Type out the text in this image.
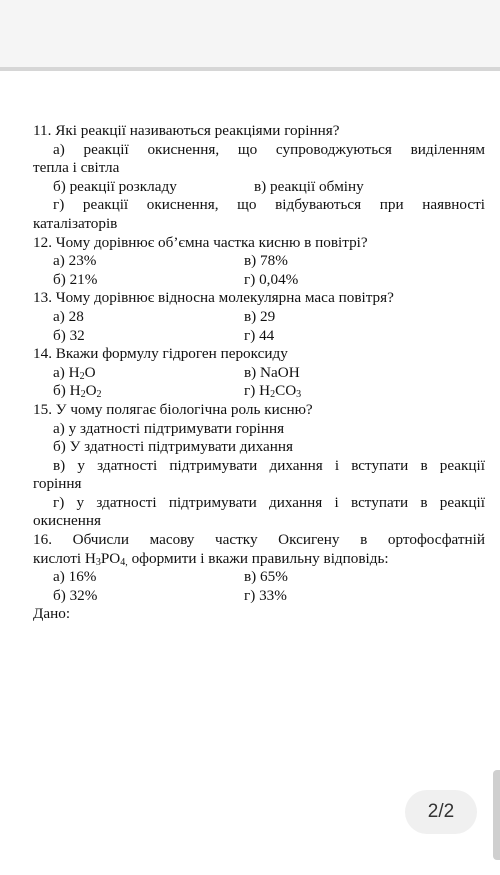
11. Які реакції називаються реакціями горіння?
а) реакції окиснення, що супроводжуються виділенням
тепла і світла
б) реакції розкладу	в) реакції обміну
г) реакції окиснення, що відбуваються при наявності
каталізаторів
12. Чому дорівнює об’ємна частка кисню в повітрі?
а) 23%	в) 78%
б) 21%	г) 0,04%
13. Чому дорівнює відносна молекулярна маса повітря?
а) 28	в) 29
б) 32	г) 44
14. Вкажи формулу гідроген пероксиду
а) $H_2O$	в) NaOH
б) $H_2O_2$	г) $H_2CO_3$
15. У чому полягає біологічна роль кисню?
а) у здатності підтримувати горіння
б) У здатності підтримувати дихання
в) у здатності підтримувати дихання і вступати в реакції
горіння
г) у здатності підтримувати дихання і вступати в реакції
окиснення
16. Обчисли масову частку Оксигену в ортофосфатній
кислоті $H_3PO_{4,}$ оформити і вкажи правильну відповідь:
а) 16%	в) 65%
б) 32%	г) 33%
Дано:
2/2
